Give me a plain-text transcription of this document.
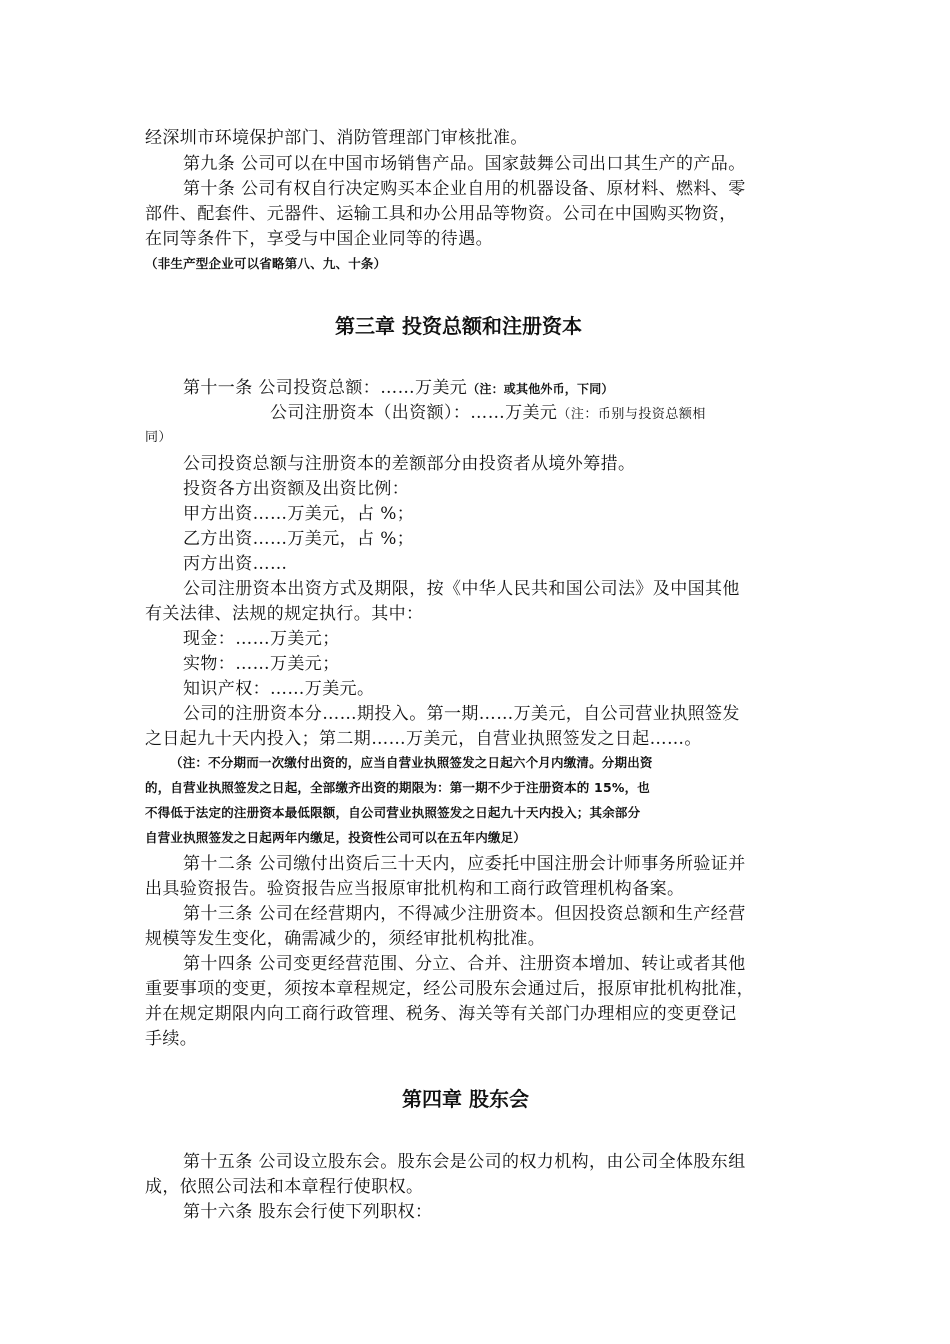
经深圳市环境保护部门、消防管理部门审核批准。
第九条 公司可以在中国市场销售产品。国家鼓舞公司出口其生产的产品。
第十条 公司有权自行决定购买本企业自用的机器设备、原材料、燃料、零
部件、配套件、元器件、运输工具和办公用品等物资。公司在中国购买物资，
在同等条件下，享受与中国企业同等的待遇。
（非生产型企业可以省略第八、九、十条）
第三章 投资总额和注册资本
第十一条 公司投资总额：……万美元（注：或其他外币，下同）
公司注册资本（出资额）：……万美元（注：币别与投资总额相
同）
公司投资总额与注册资本的差额部分由投资者从境外筹措。
投资各方出资额及出资比例：
甲方出资……万美元，占 %；
乙方出资……万美元，占 %；
丙方出资……
公司注册资本出资方式及期限，按《中华人民共和国公司法》及中国其他
有关法律、法规的规定执行。其中：
现金：……万美元；
实物：……万美元；
知识产权：……万美元。
公司的注册资本分……期投入。第一期……万美元，自公司营业执照签发
之日起九十天内投入；第二期……万美元，自营业执照签发之日起……。
（注：不分期而一次缴付出资的，应当自营业执照签发之日起六个月内缴清。分期出资
的，自营业执照签发之日起，全部缴齐出资的期限为：第一期不少于注册资本的 15%，也
不得低于法定的注册资本最低限额，自公司营业执照签发之日起九十天内投入；其余部分
自营业执照签发之日起两年内缴足，投资性公司可以在五年内缴足）
第十二条 公司缴付出资后三十天内，应委托中国注册会计师事务所验证并
出具验资报告。验资报告应当报原审批机构和工商行政管理机构备案。
第十三条 公司在经营期内，不得减少注册资本。但因投资总额和生产经营
规模等发生变化，确需减少的，须经审批机构批准。
第十四条 公司变更经营范围、分立、合并、注册资本增加、转让或者其他
重要事项的变更，须按本章程规定，经公司股东会通过后，报原审批机构批准，
并在规定期限内向工商行政管理、税务、海关等有关部门办理相应的变更登记
手续。
第四章 股东会
第十五条 公司设立股东会。股东会是公司的权力机构，由公司全体股东组
成，依照公司法和本章程行使职权。
第十六条 股东会行使下列职权：
